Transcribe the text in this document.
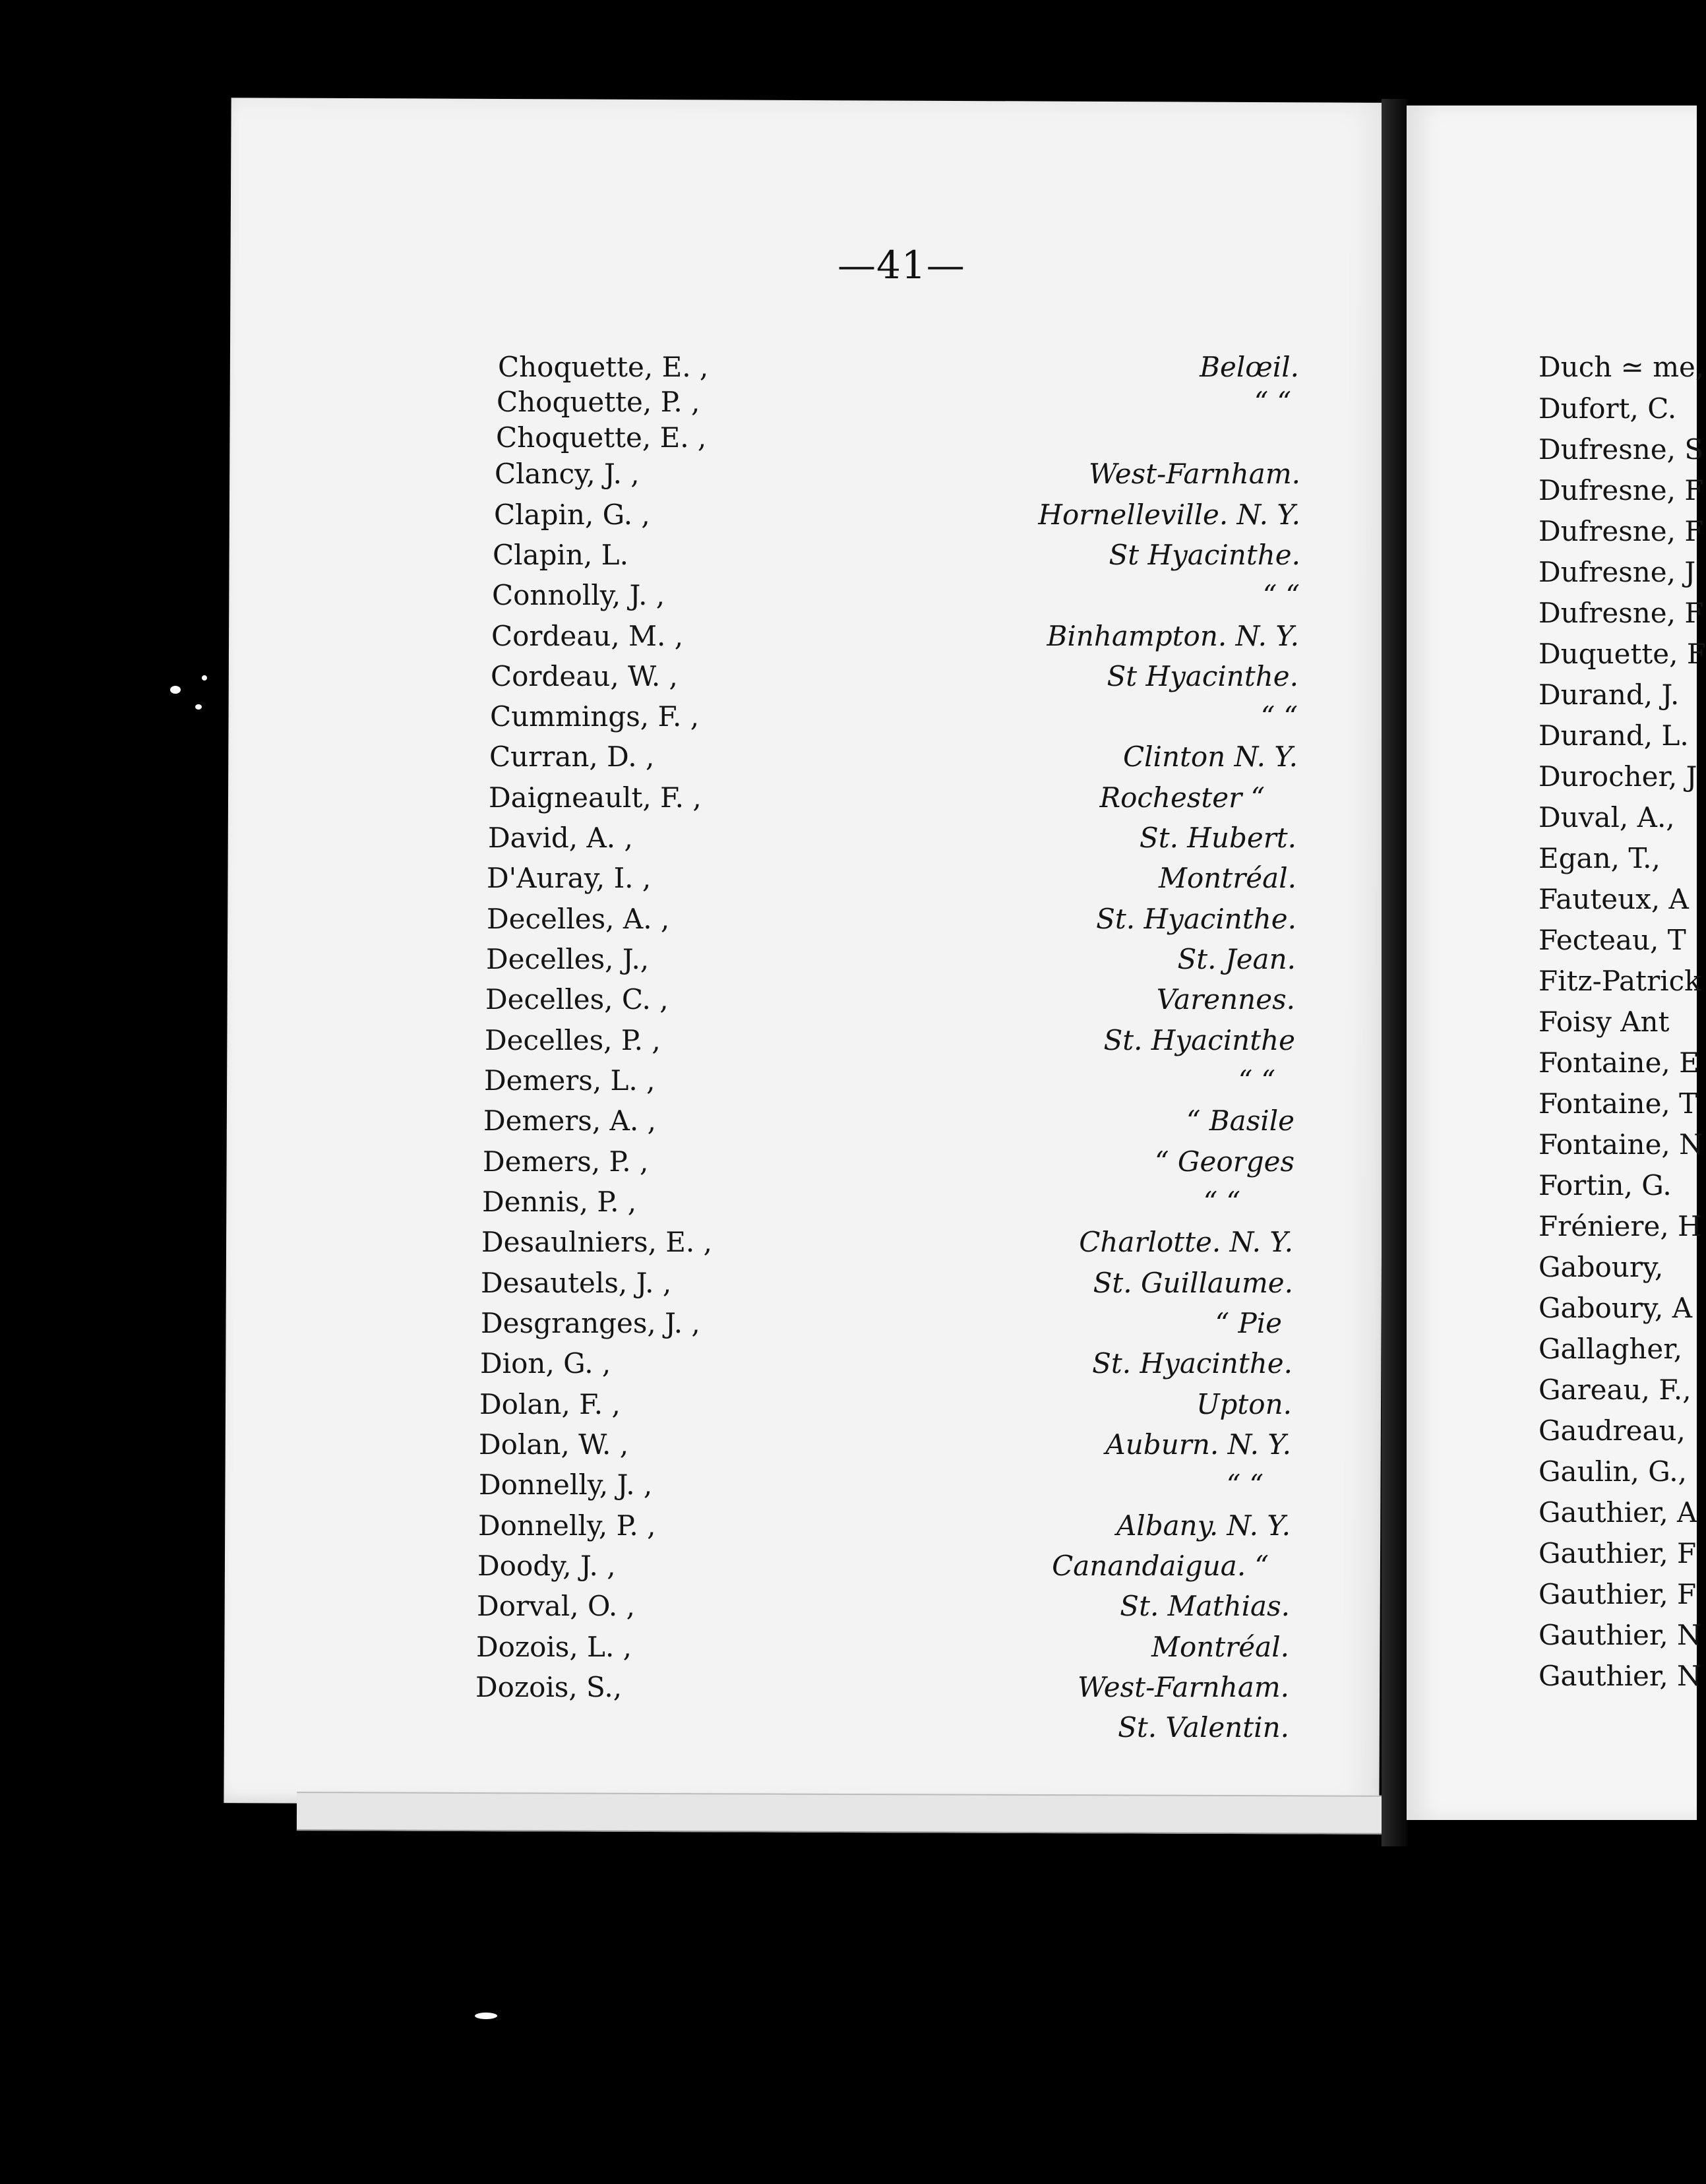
—41—
Choquette, E. ,	Belœil.
Choquette, P. ,	“ “
Choquette, E. ,
Clancy, J. ,	West-Farnham.
Clapin, G. ,	Hornelleville. N. Y.
Clapin, L.	St Hyacinthe.
Connolly, J. ,	“ “
Cordeau, M. ,	Binhampton. N. Y.
Cordeau, W. ,	St Hyacinthe.
Cummings, F. ,	“ “
Curran, D. ,	Clinton N. Y.
Daigneault, F. ,	Rochester “
David, A. ,	St. Hubert.
D'Auray, I. ,	Montréal.
Decelles, A. ,	St. Hyacinthe.
Decelles, J.,	St. Jean.
Decelles, C. ,	Varennes.
Decelles, P. ,	St. Hyacinthe
Demers, L. ,	“ “
Demers, A. ,	“ Basile
Demers, P. ,	“ Georges
Dennis, P. ,	“ “
Desaulniers, E. ,	Charlotte. N. Y.
Desautels, J. ,	St. Guillaume.
Desgranges, J. ,	“ Pie
Dion, G. ,	St. Hyacinthe.
Dolan, F. ,	Upton.
Dolan, W. ,	Auburn. N. Y.
Donnelly, J. ,	“ “
Donnelly, P. ,	Albany. N. Y.
Doody, J. ,	Canandaigua. “
Dorval, O. ,	St. Mathias.
Dozois, L. ,	Montréal.
Dozois, S.,	West-Farnham.
St. Valentin.
Duch ≃ me,
Dufort, C.
Dufresne, S
Dufresne, F
Dufresne, F
Dufresne, J
Dufresne, F
Duquette, F
Durand, J.
Durand, L.
Durocher, J
Duval, A.,
Egan, T.,
Fauteux, A
Fecteau, T
Fitz-Patrick
Foisy Ant
Fontaine, E
Fontaine, T
Fontaine, N
Fortin, G.
Fréniere, H
Gaboury,
Gaboury, A
Gallagher,
Gareau, F.,
Gaudreau,
Gaulin, G.,
Gauthier, A
Gauthier, F
Gauthier, F
Gauthier, N
Gauthier, N
